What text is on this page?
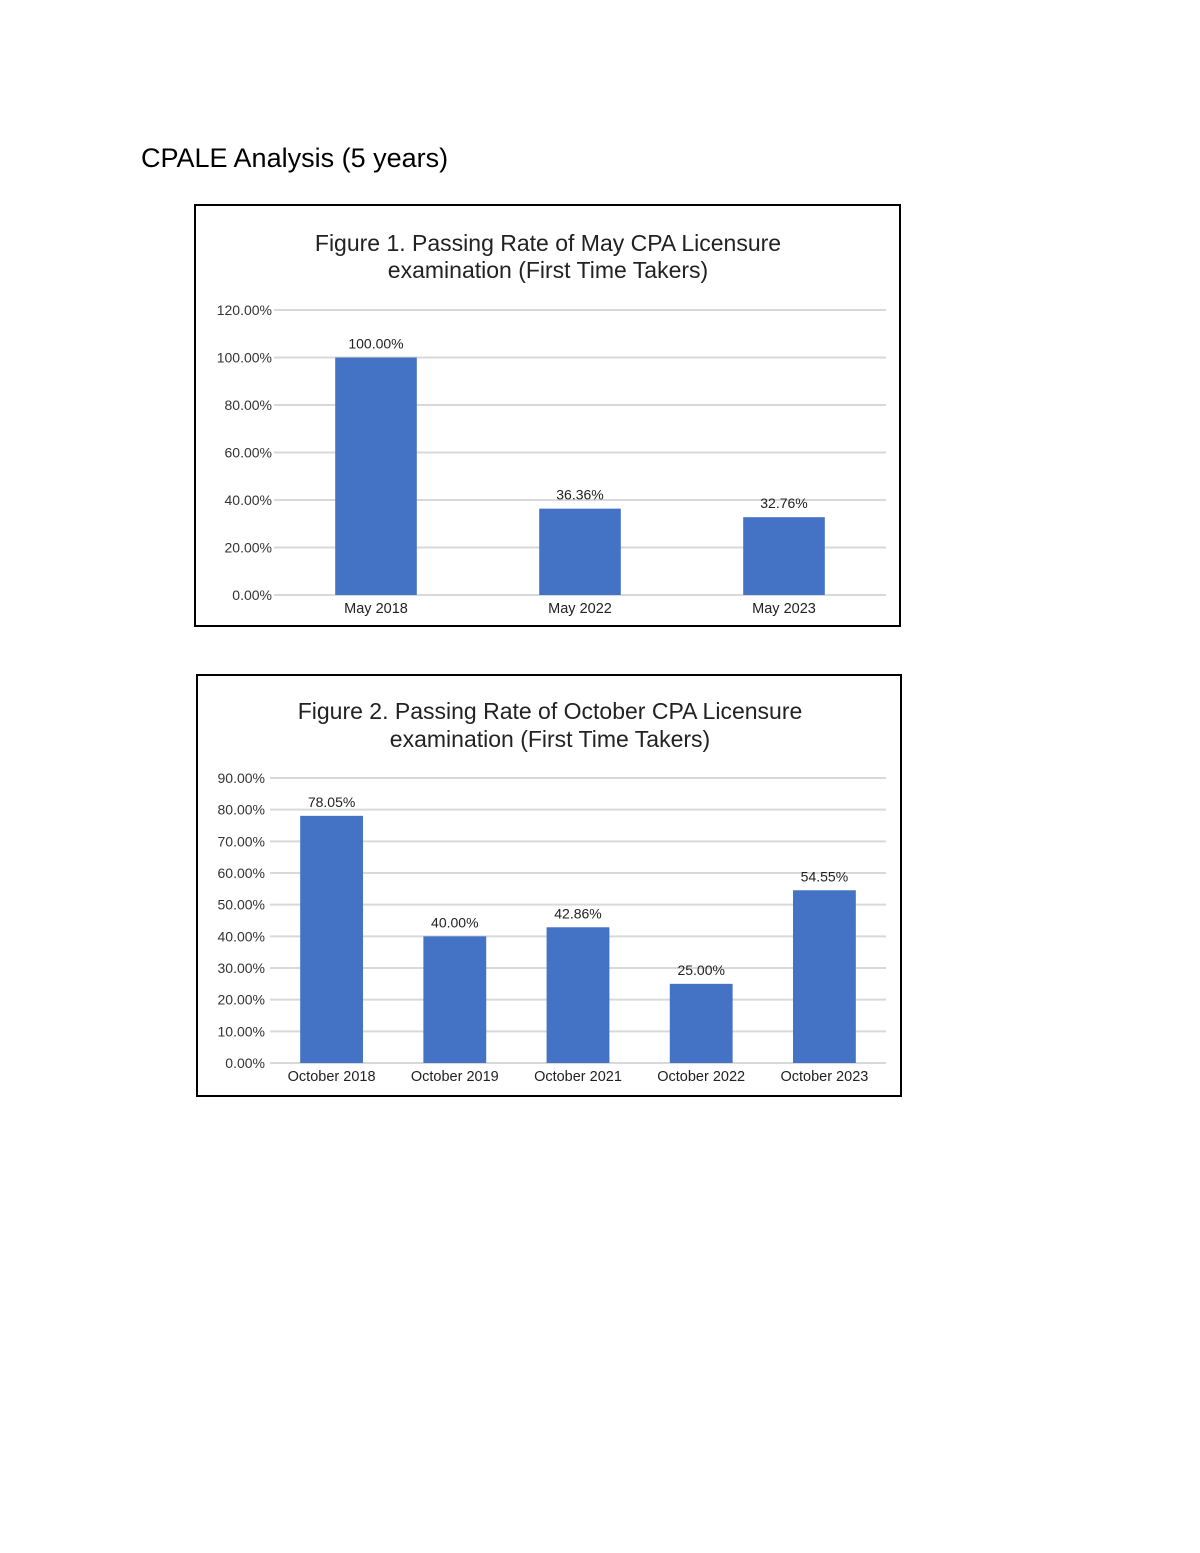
CPALE Analysis (5 years)
Figure 1. Passing Rate of May CPA Licensure
examination (First Time Takers)
0.00%
20.00%
40.00%
60.00%
80.00%
100.00%
120.00%
100.00%
May 2018
36.36%
May 2022
32.76%
May 2023
Figure 2. Passing Rate of October CPA Licensure
examination (First Time Takers)
0.00%
10.00%
20.00%
30.00%
40.00%
50.00%
60.00%
70.00%
80.00%
90.00%
78.05%
October 2018
40.00%
October 2019
42.86%
October 2021
25.00%
October 2022
54.55%
October 2023
